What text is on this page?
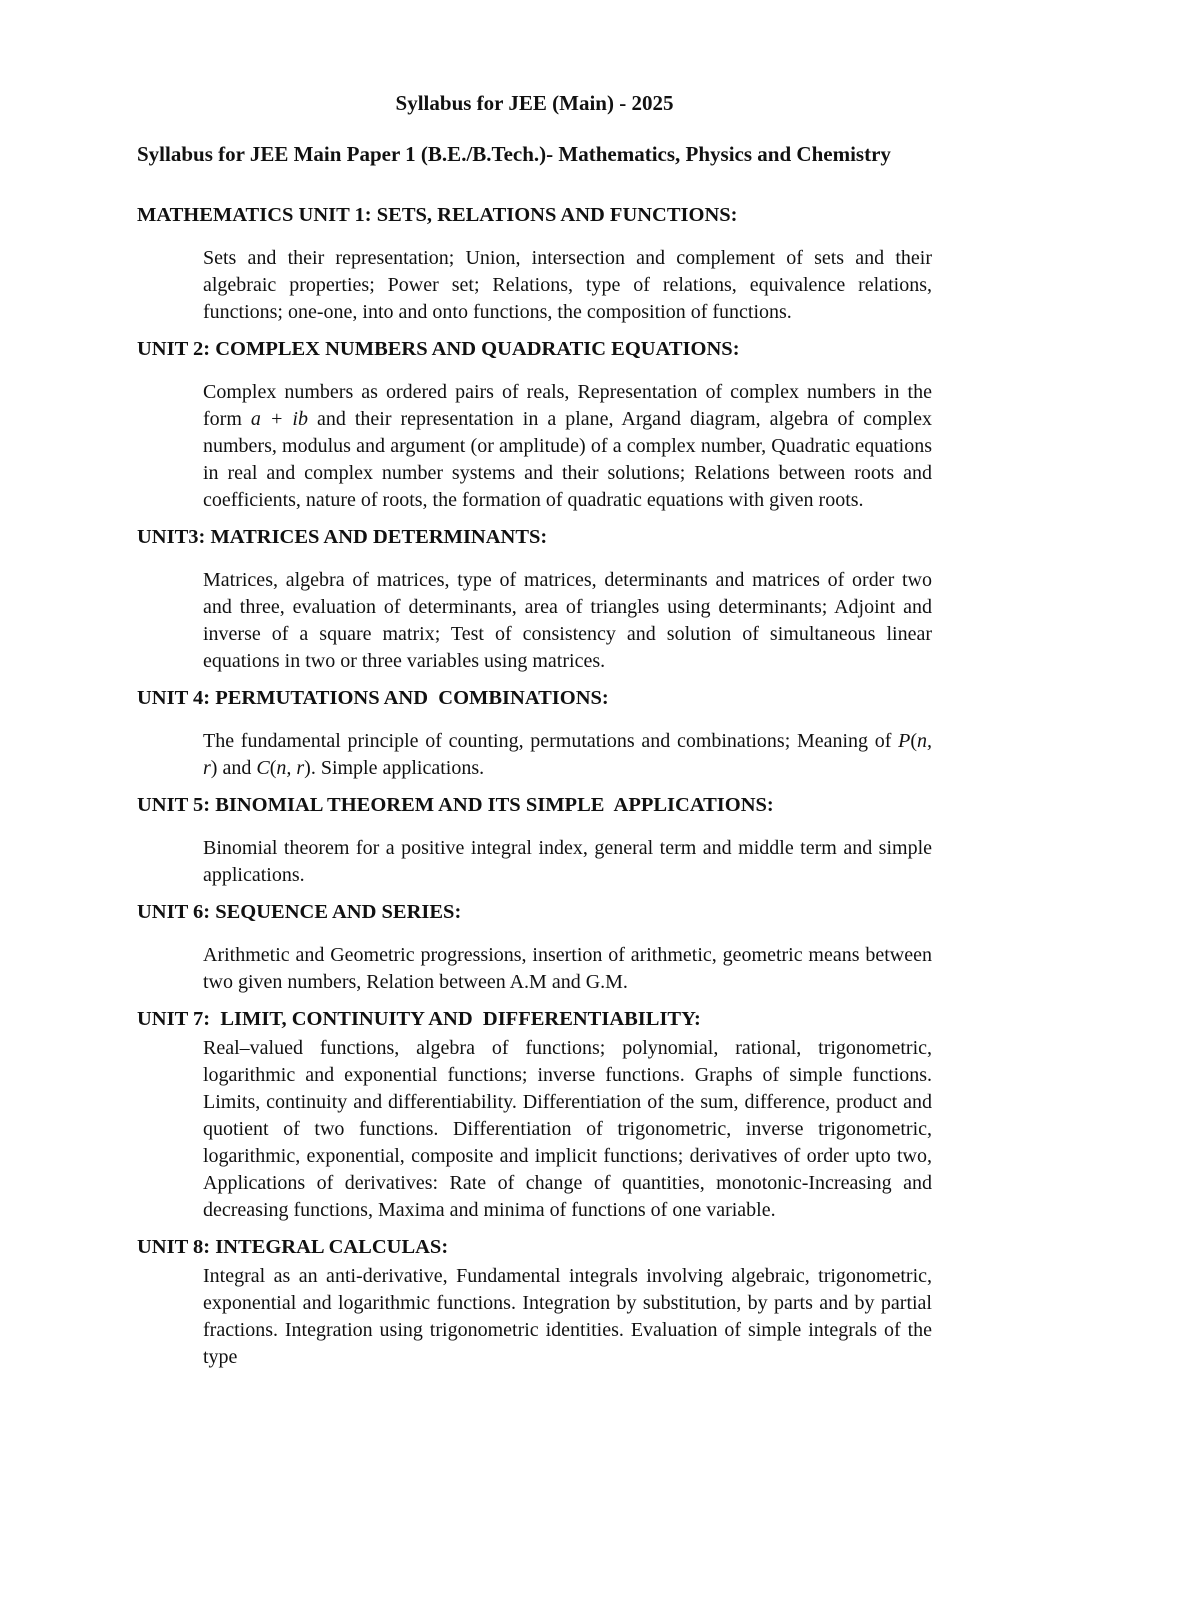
Syllabus for JEE (Main) - 2025
Syllabus for JEE Main Paper 1 (B.E./B.Tech.)- Mathematics, Physics and Chemistry
MATHEMATICS UNIT 1: SETS, RELATIONS AND FUNCTIONS:

Sets and their representation; Union, intersection and complement of sets and their algebraic properties; Power set; Relations, type of relations, equivalence relations, functions; one-one, into and onto functions, the composition of functions.

UNIT 2: COMPLEX NUMBERS AND QUADRATIC EQUATIONS:

Complex numbers as ordered pairs of reals, Representation of complex numbers in the form a + ib and their representation in a plane, Argand diagram, algebra of complex numbers, modulus and argument (or amplitude) of a complex number, Quadratic equations in real and complex number systems and their solutions; Relations between roots and coefficients, nature of roots, the formation of quadratic equations with given roots.

UNIT3: MATRICES AND DETERMINANTS:

Matrices, algebra of matrices, type of matrices, determinants and matrices of order two and three, evaluation of determinants, area of triangles using determinants; Adjoint and inverse of a square matrix; Test of consistency and solution of simultaneous linear equations in two or three variables using matrices.

UNIT 4: PERMUTATIONS AND  COMBINATIONS:

The fundamental principle of counting, permutations and combinations; Meaning of P(n, r) and C(n, r). Simple applications.

UNIT 5: BINOMIAL THEOREM AND ITS SIMPLE  APPLICATIONS:

Binomial theorem for a positive integral index, general term and middle term and simple applications.

UNIT 6: SEQUENCE AND SERIES:

Arithmetic and Geometric progressions, insertion of arithmetic, geometric means between two given numbers, Relation between A.M and G.M.

UNIT 7:  LIMIT, CONTINUITY AND  DIFFERENTIABILITY:

Real–valued functions, algebra of functions; polynomial, rational, trigonometric, logarithmic and exponential functions; inverse functions. Graphs of simple functions. Limits, continuity and differentiability. Differentiation of the sum, difference, product and quotient of two functions. Differentiation of trigonometric, inverse trigonometric, logarithmic, exponential, composite and implicit functions; derivatives of order upto two, Applications of derivatives: Rate of change of quantities, monotonic-Increasing and decreasing functions, Maxima and minima of functions of one variable.

UNIT 8: INTEGRAL CALCULAS:

Integral as an anti-derivative, Fundamental integrals involving algebraic, trigonometric, exponential and logarithmic functions. Integration by substitution, by parts and by partial fractions. Integration using trigonometric identities. Evaluation of simple integrals of the type
